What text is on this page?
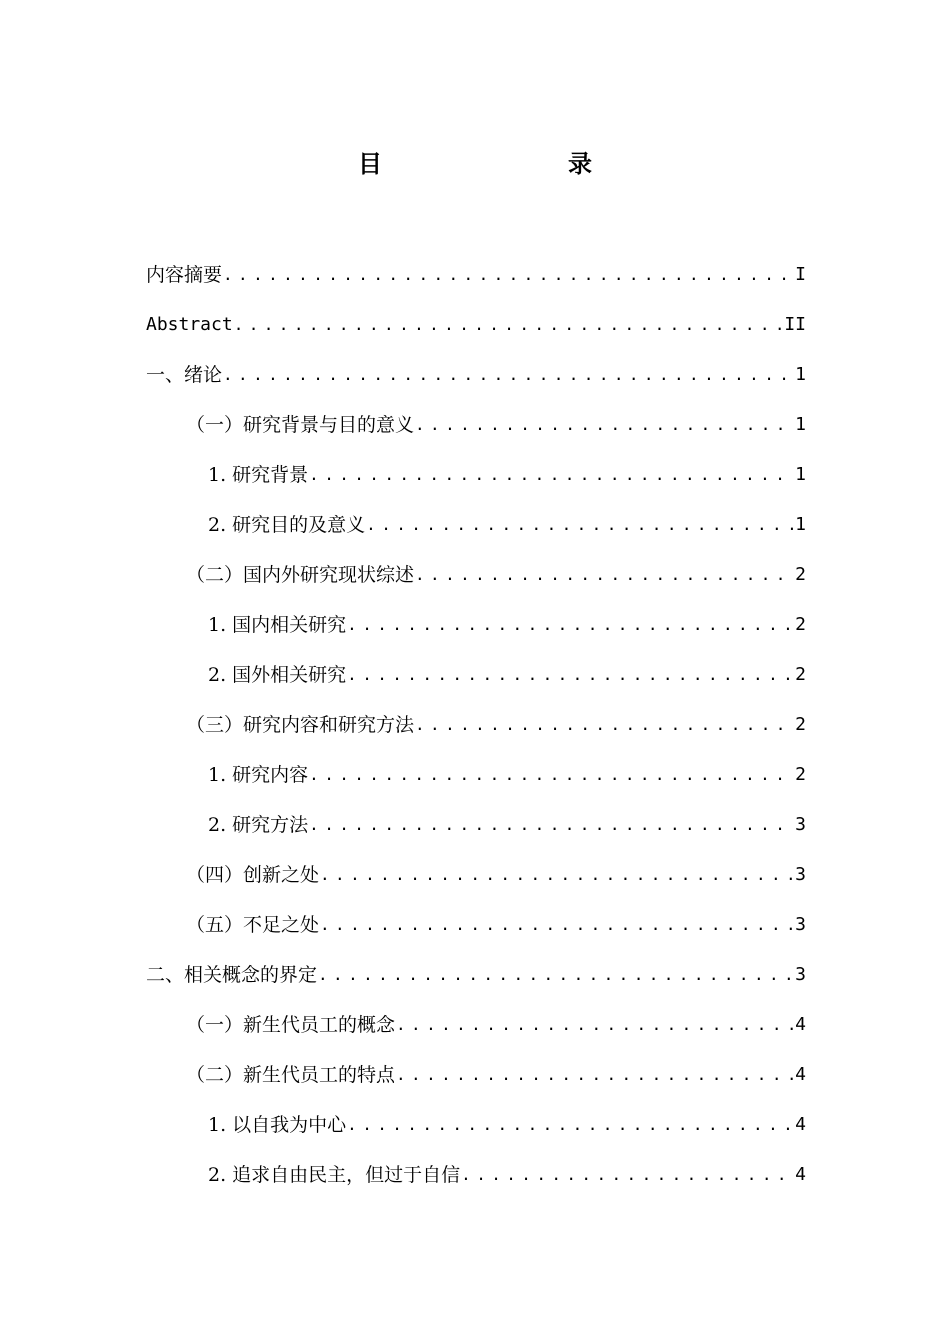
目　　录
内容摘要 .....	I
Abstract .....	II
一、绪论 .....	1
（一）研究背景与目的意义 .....	1
1. 研究背景 .....	1
2. 研究目的及意义 .....	1
（二）国内外研究现状综述 .....	2
1. 国内相关研究 .....	2
2. 国外相关研究 .....	2
（三）研究内容和研究方法 .....	2
1. 研究内容 .....	2
2. 研究方法 .....	3
（四）创新之处 .....	3
（五）不足之处 .....	3
二、相关概念的界定 .....	3
（一）新生代员工的概念 .....	4
（二）新生代员工的特点 .....	4
1. 以自我为中心 .....	4
2. 追求自由民主，但过于自信 .....	4
